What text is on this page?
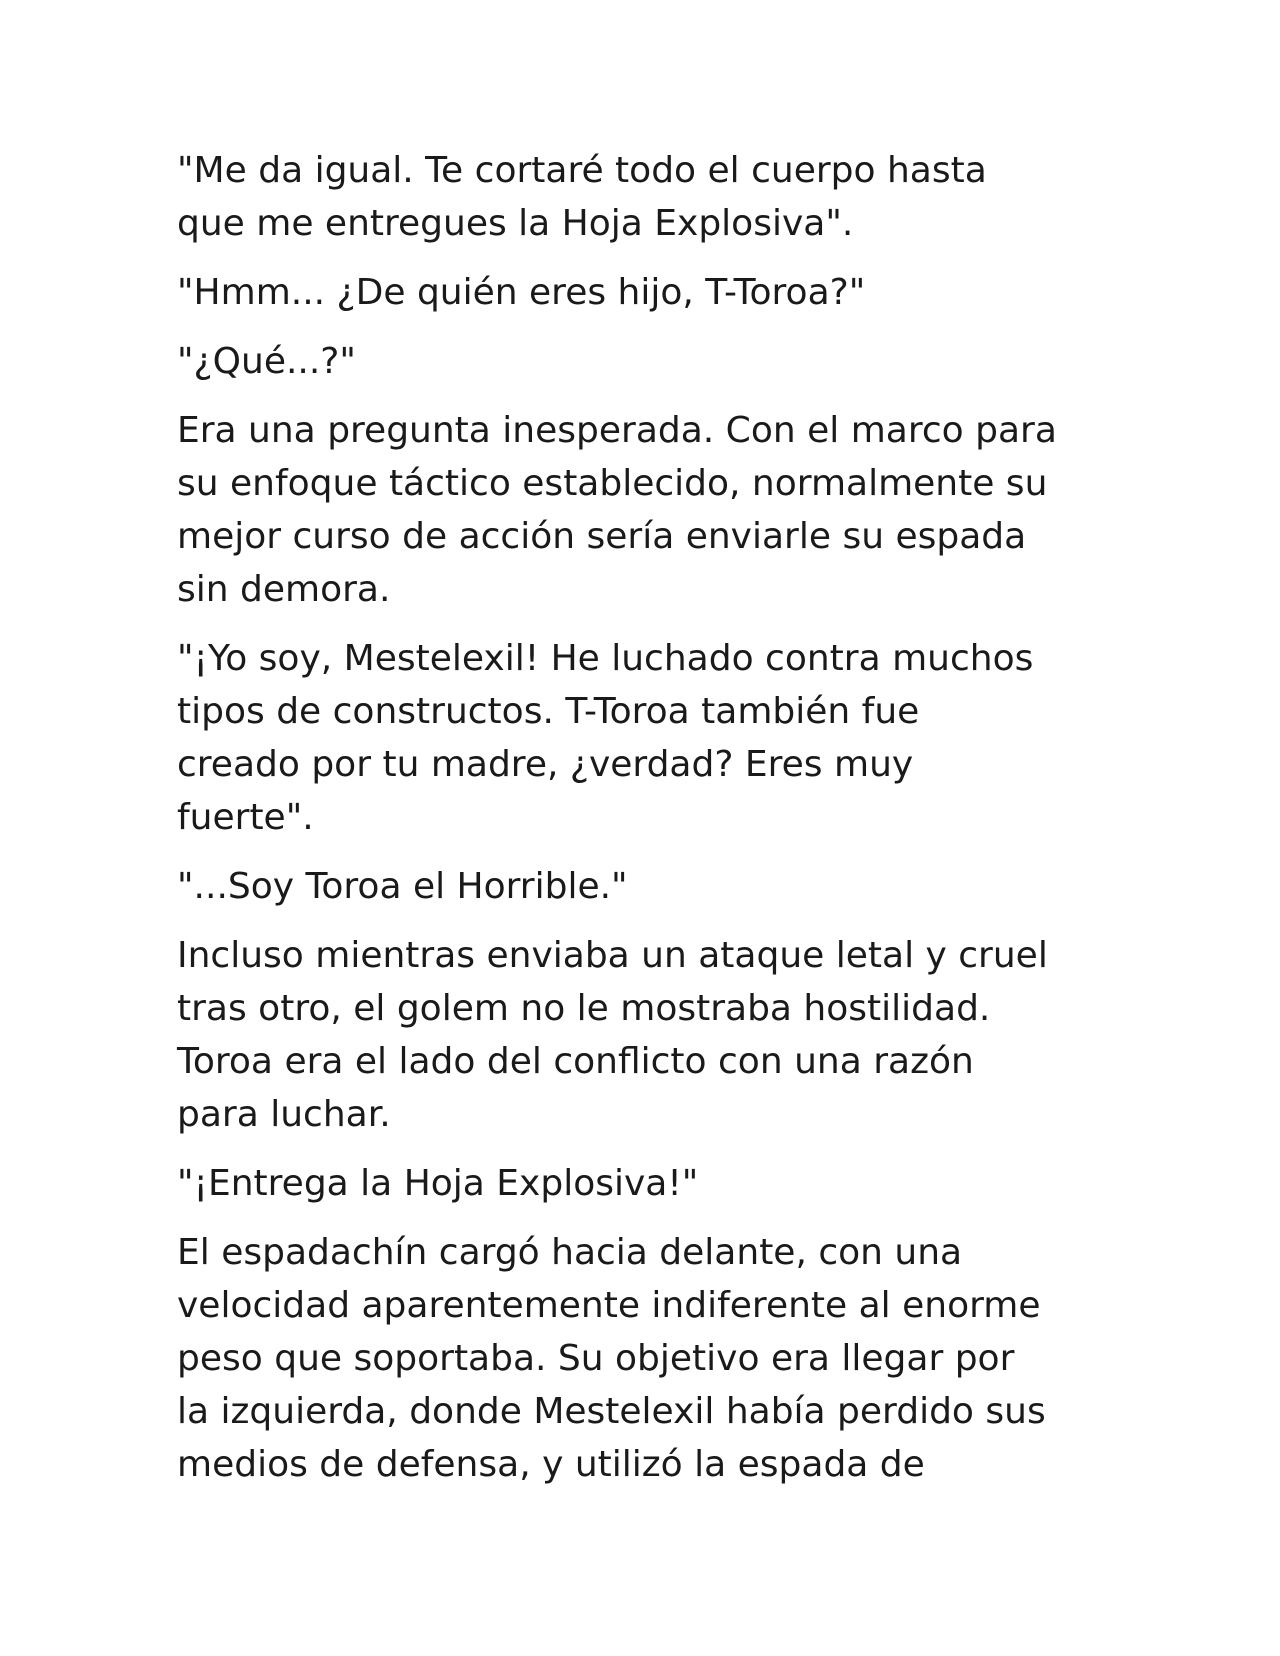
"Me da igual. Te cortaré todo el cuerpo hasta
que me entregues la Hoja Explosiva".

"Hmm... ¿De quién eres hijo, T-Toroa?"

"¿Qué...?"

Era una pregunta inesperada. Con el marco para
su enfoque táctico establecido, normalmente su
mejor curso de acción sería enviarle su espada
sin demora.

"¡Yo soy, Mestelexil! He luchado contra muchos
tipos de constructos. T-Toroa también fue
creado por tu madre, ¿verdad? Eres muy
fuerte".

"...Soy Toroa el Horrible."

Incluso mientras enviaba un ataque letal y cruel
tras otro, el golem no le mostraba hostilidad.
Toroa era el lado del conflicto con una razón
para luchar.

"¡Entrega la Hoja Explosiva!"

El espadachín cargó hacia delante, con una
velocidad aparentemente indiferente al enorme
peso que soportaba. Su objetivo era llegar por
la izquierda, donde Mestelexil había perdido sus
medios de defensa, y utilizó la espada de
